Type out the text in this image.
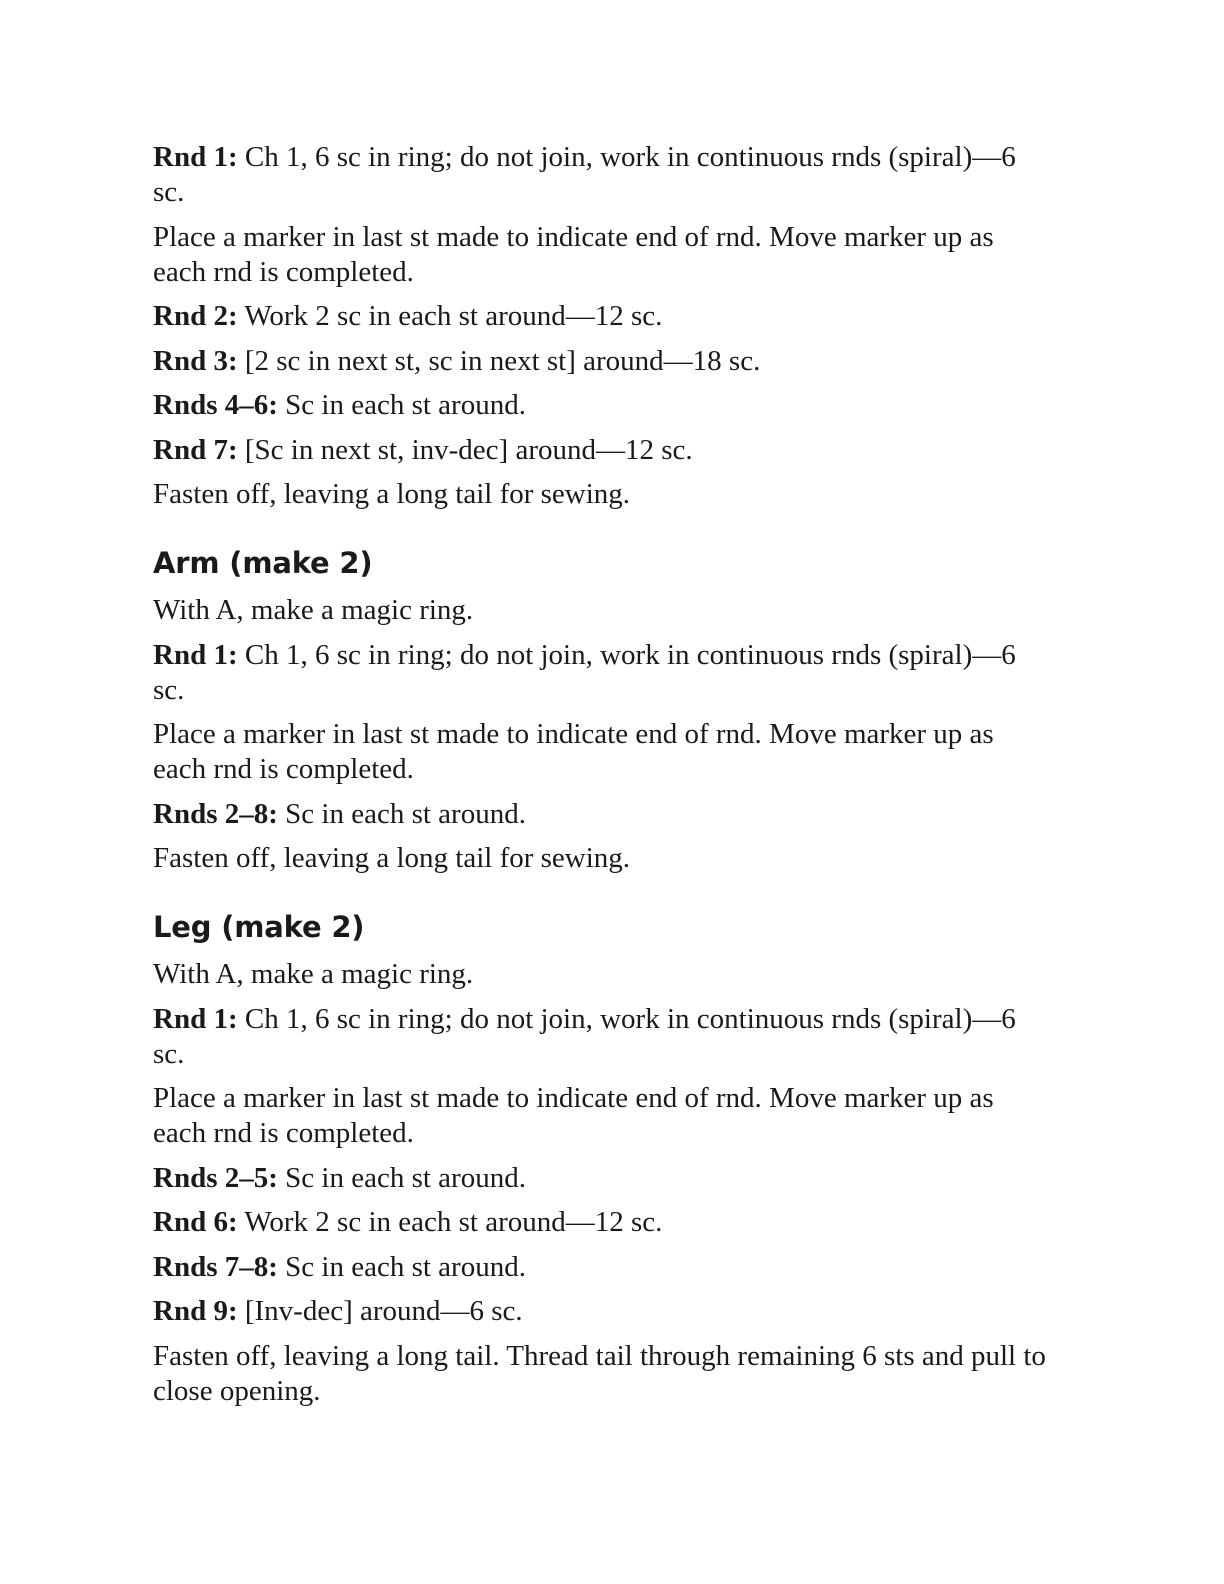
Rnd 1: Ch 1, 6 sc in ring; do not join, work in continuous rnds (spiral)—6 sc.

Place a marker in last st made to indicate end of rnd. Move marker up as each rnd is completed.

Rnd 2: Work 2 sc in each st around—12 sc.

Rnd 3: [2 sc in next st, sc in next st] around—18 sc.

Rnds 4–6: Sc in each st around.

Rnd 7: [Sc in next st, inv-dec] around—12 sc.

Fasten off, leaving a long tail for sewing.

Arm (make 2)

With A, make a magic ring.

Rnd 1: Ch 1, 6 sc in ring; do not join, work in continuous rnds (spiral)—6 sc.

Place a marker in last st made to indicate end of rnd. Move marker up as each rnd is completed.

Rnds 2–8: Sc in each st around.

Fasten off, leaving a long tail for sewing.

Leg (make 2)

With A, make a magic ring.

Rnd 1: Ch 1, 6 sc in ring; do not join, work in continuous rnds (spiral)—6 sc.

Place a marker in last st made to indicate end of rnd. Move marker up as each rnd is completed.

Rnds 2–5: Sc in each st around.

Rnd 6: Work 2 sc in each st around—12 sc.

Rnds 7–8: Sc in each st around.

Rnd 9: [Inv-dec] around—6 sc.

Fasten off, leaving a long tail. Thread tail through remaining 6 sts and pull to close opening.
